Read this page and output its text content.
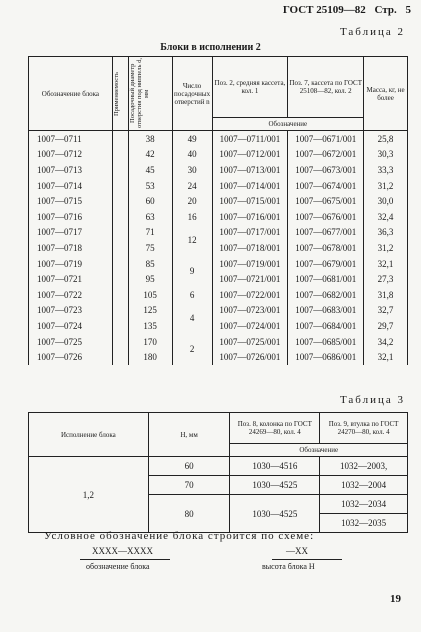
ГОСТ 25109—82 Стр. 5
Таблица 2
Блоки в исполнении 2
Обозначение блока	Применяемость	Посадочный диаметр отверстия под ниппель d, мм	Число посадочных отверстий n	Поз. 2, средняя кассета, кол. 1	Поз. 7, кассета по ГОСТ 25108—82, кол. 2	Масса, кг, не более
				Обозначение		
1007—0711		38	49	1007—0711/001	1007—0671/001	25,8
1007—0712		42	40	1007—0712/001	1007—0672/001	30,3
1007—0713		45	30	1007—0713/001	1007—0673/001	33,3
1007—0714		53	24	1007—0714/001	1007—0674/001	31,2
1007—0715		60	20	1007—0715/001	1007—0675/001	30,0
1007—0716		63	16	1007—0716/001	1007—0676/001	32,4
1007—0717		71	12	1007—0717/001	1007—0677/001	36,3
1007—0718		75		1007—0718/001	1007—0678/001	31,2
1007—0719		85	9	1007—0719/001	1007—0679/001	32,1
1007—0721		95		1007—0721/001	1007—0681/001	27,3
1007—0722		105	6	1007—0722/001	1007—0682/001	31,8
1007—0723		125	4	1007—0723/001	1007—0683/001	32,7
1007—0724		135		1007—0724/001	1007—0684/001	29,7
1007—0725		170	2	1007—0725/001	1007—0685/001	34,2
1007—0726		180		1007—0726/001	1007—0686/001	32,1
Таблица 3
Исполнение блока	H, мм	Поз. 8, колонка по ГОСТ 24269—80, кол. 4	Поз. 9, втулка по ГОСТ 24270—80, кол. 4
		Обозначение	
1,2	60	1030—4516	1032—2003,
	70	1030—4525	1032—2004
	80	1030—4525	1032—2034
			1032—2035
Условное обозначение блока строится по схеме:
XXXX—XXXX	—XX
обозначение блока	высота блока H
19
